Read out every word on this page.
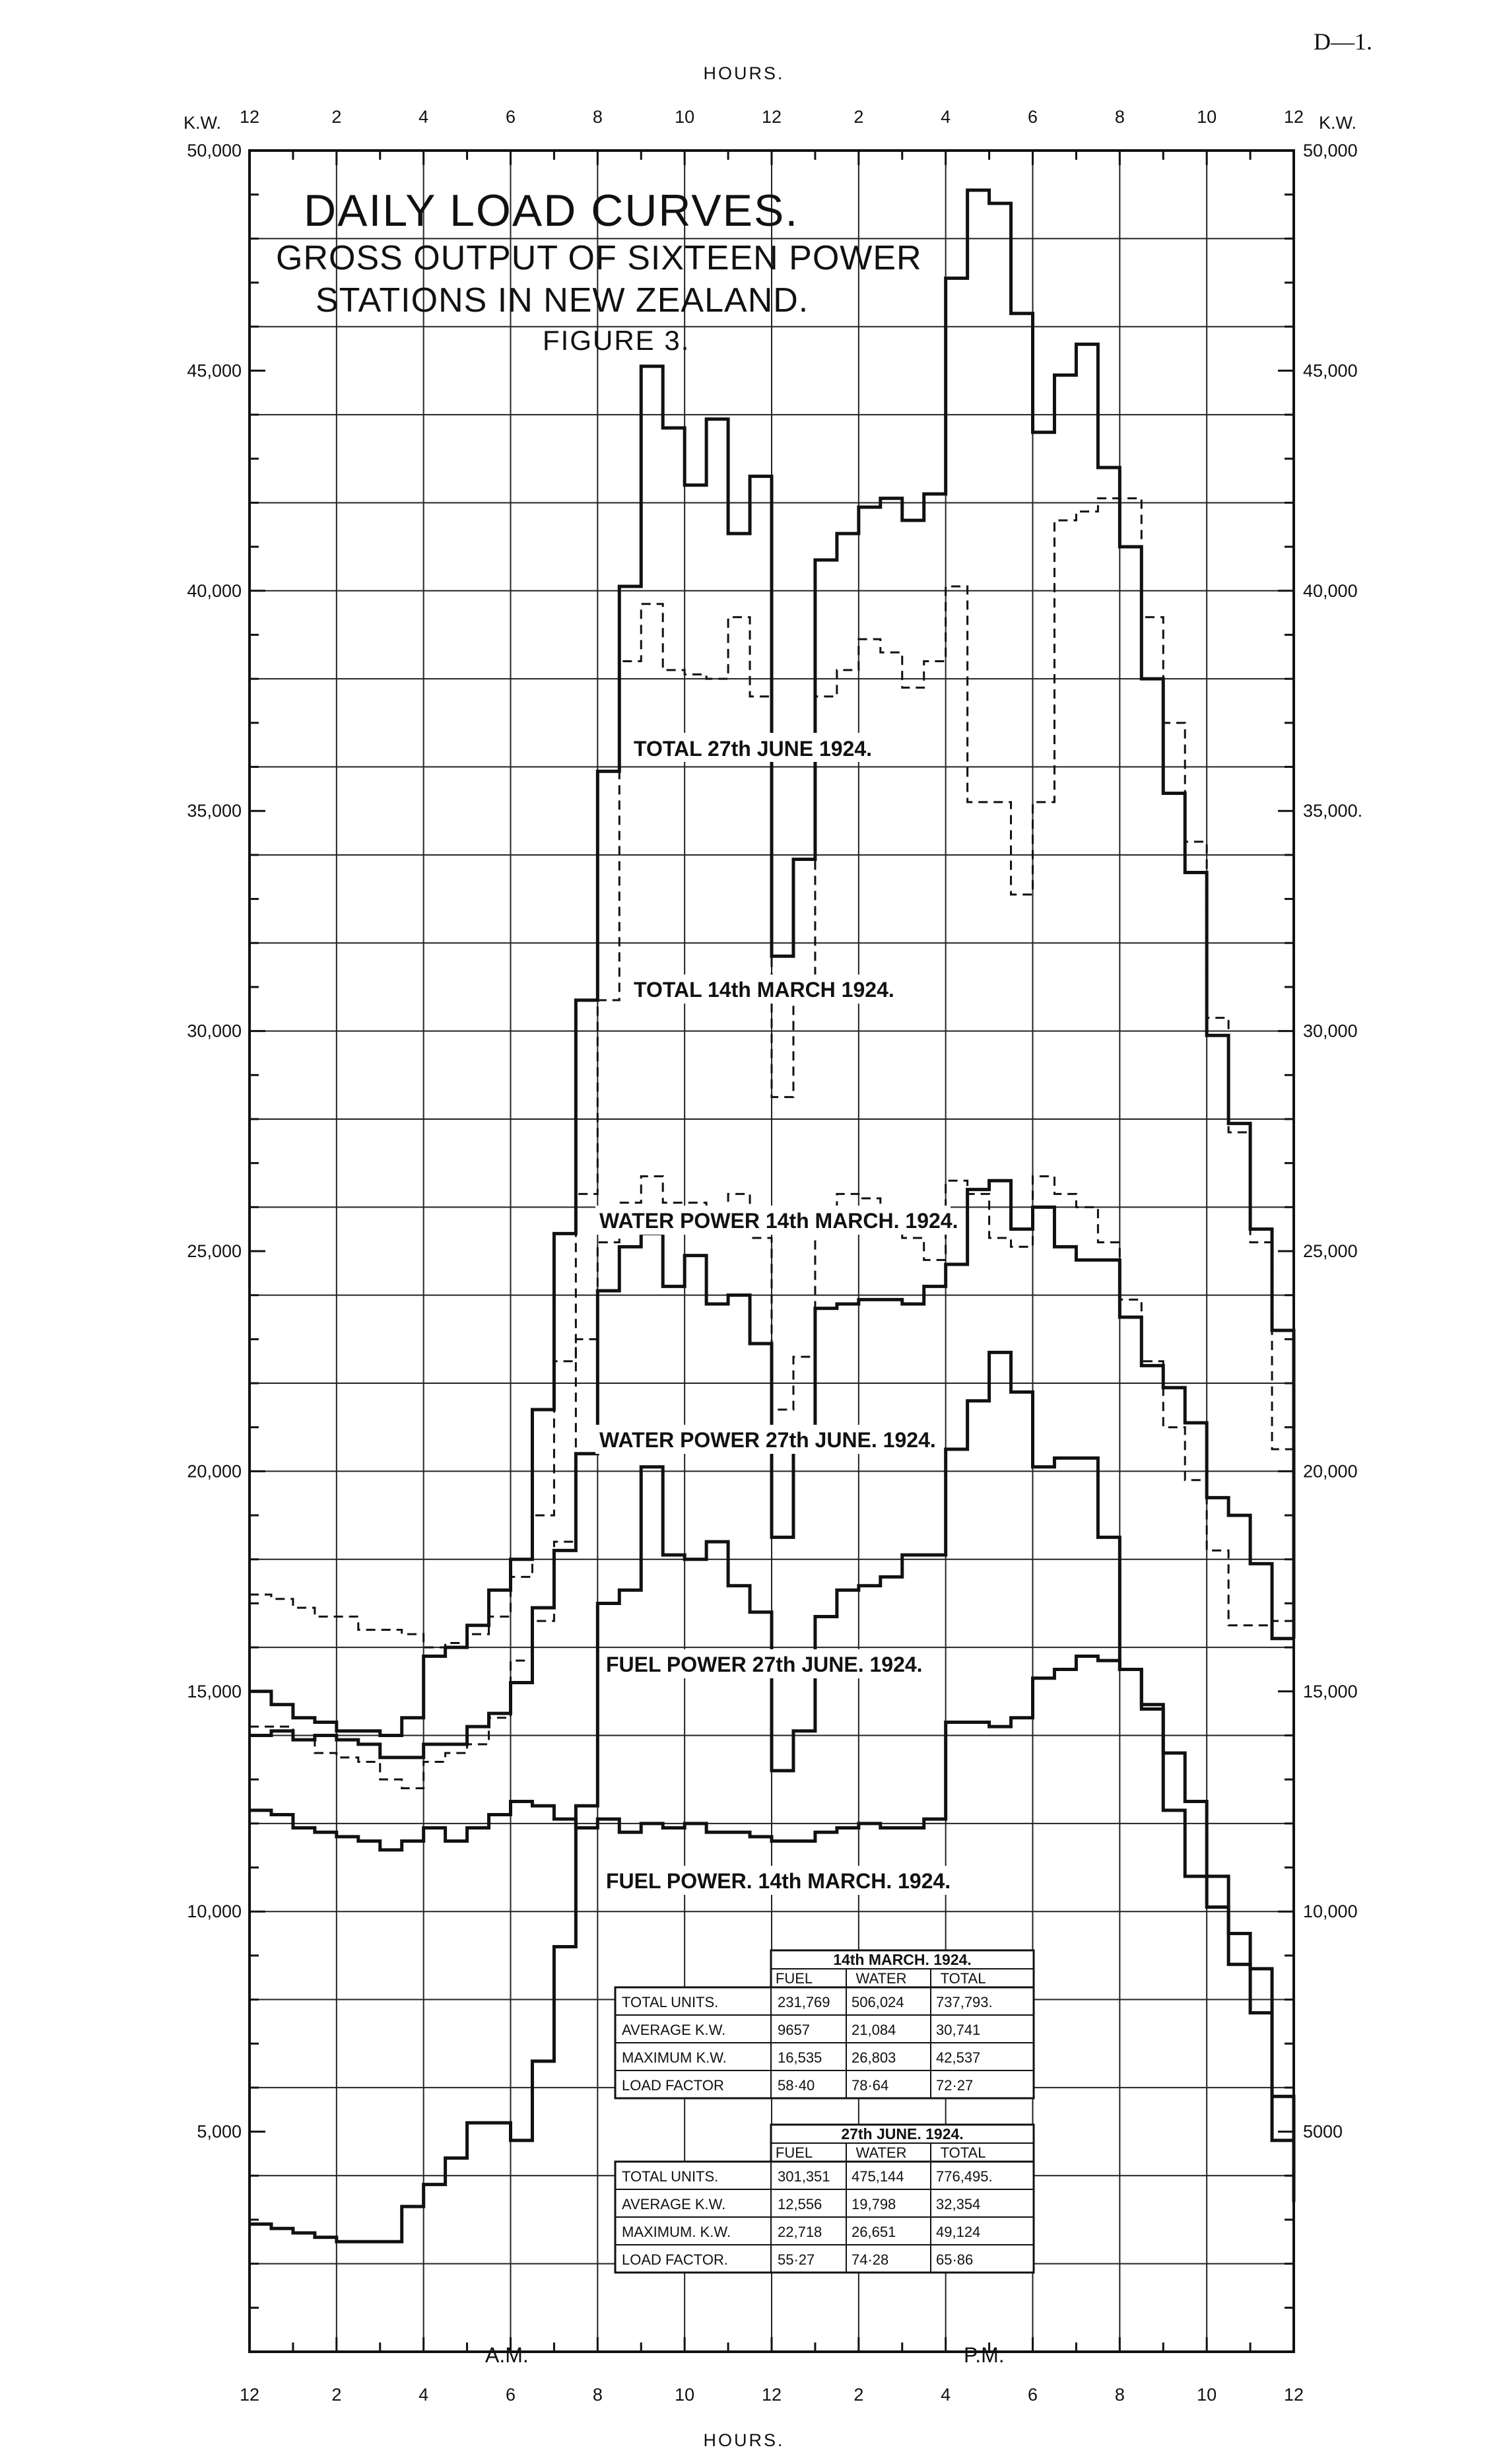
D—1.
HOURS.
HOURS.
K.W.	K.W.
12
12
2
2
4
4
6
6
8
8
10
10
12
12
2
2
4
4
6
6
8
8
10
10
12
12
5,000
10,000
15,000
20,000
25,000
30,000
35,000
40,000
45,000
50,000
5000
10,000
15,000
20,000
25,000
30,000
35,000.
40,000
45,000
50,000
DAILY LOAD CURVES.
GROSS OUTPUT OF SIXTEEN POWER
STATIONS IN NEW ZEALAND.
FIGURE 3.
TOTAL 27th JUNE 1924.
TOTAL 14th MARCH 1924.
WATER POWER 14th MARCH. 1924.
WATER POWER 27th JUNE. 1924.
FUEL POWER 27th JUNE. 1924.
FUEL POWER. 14th MARCH. 1924.
A.M.	P.M.
14th MARCH. 1924.
FUEL	WATER TOTAL
TOTAL UNITS.	231,769 506,024 737,793.
AVERAGE K.W.	9657	21,084	30,741
MAXIMUM K.W.	16,535 26,803	42,537
LOAD FACTOR	58·40	78·64	72·27
27th JUNE. 1924.
FUEL	WATER TOTAL
TOTAL UNITS.	301,351 475,144 776,495.
AVERAGE K.W.	12,556 19,798	32,354
MAXIMUM. K.W.	22,718 26,651	49,124
LOAD FACTOR.	55·27	74·28	65·86
